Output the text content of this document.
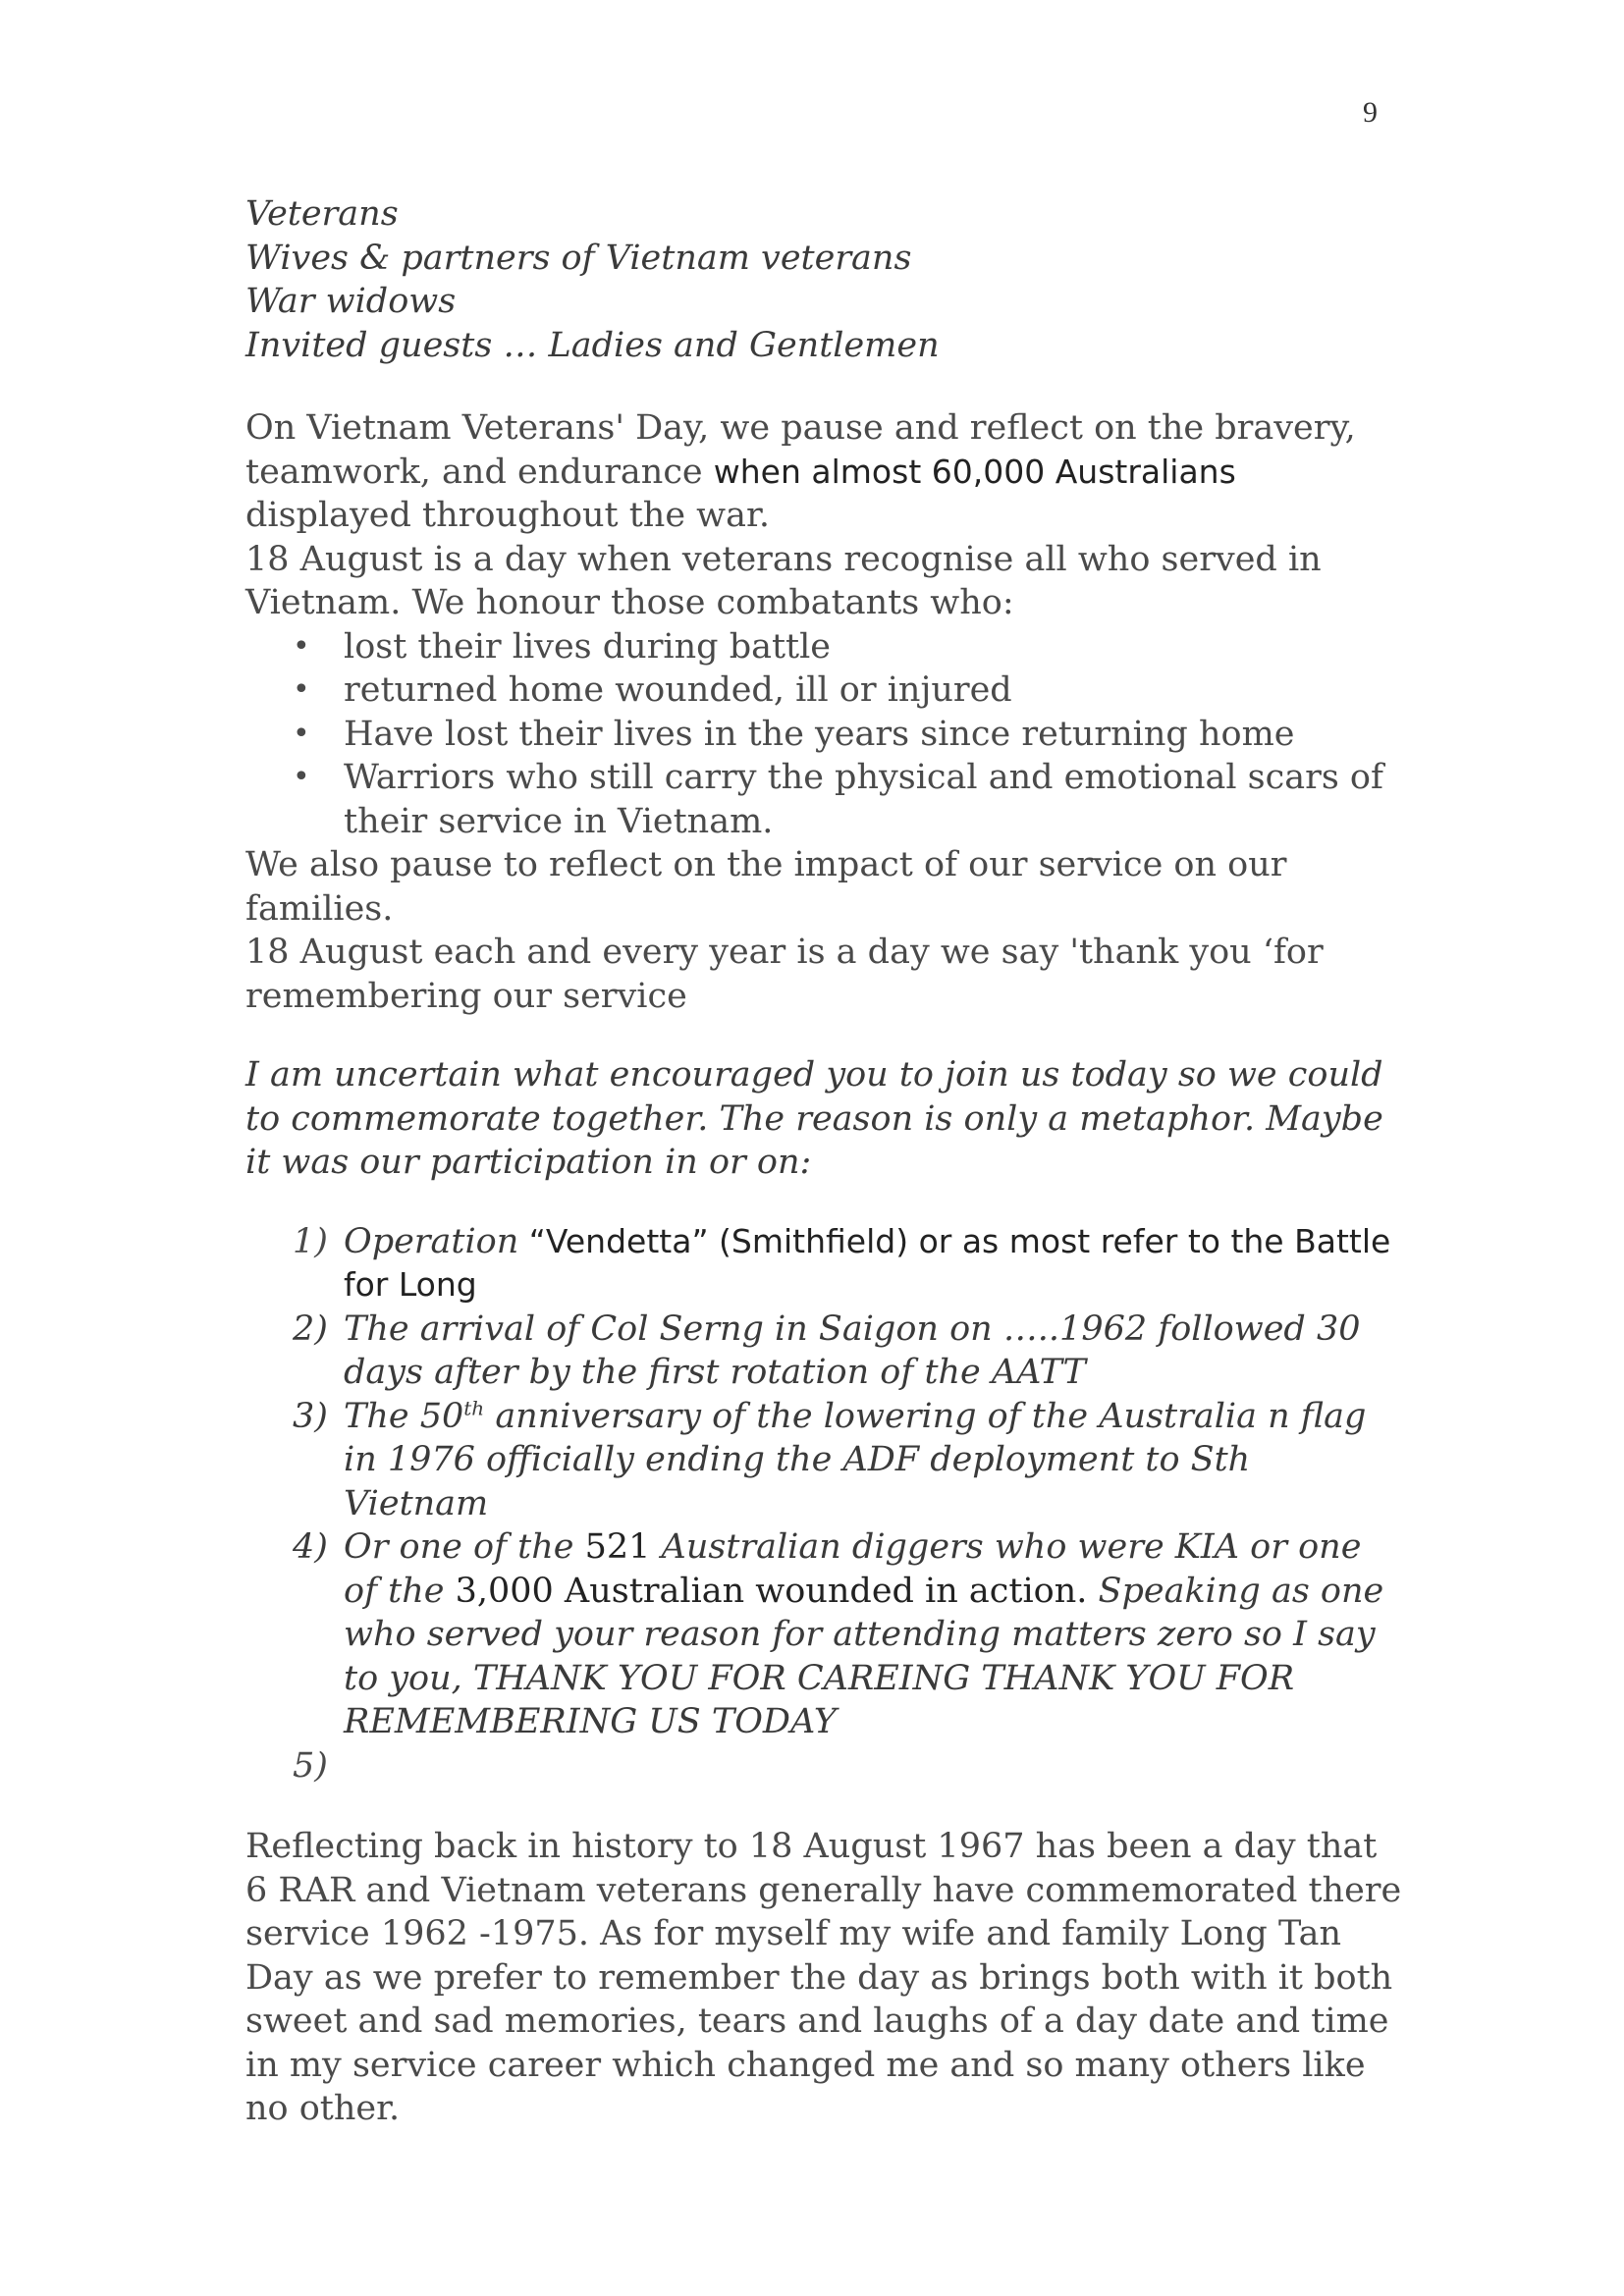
9
Veterans
Wives & partners of Vietnam veterans
War widows
Invited guests … Ladies and Gentlemen

On Vietnam Veterans' Day, we pause and reflect on the bravery, teamwork, and endurance when almost 60,000 Australians displayed throughout the war.

18 August is a day when veterans recognise all who served in Vietnam. We honour those combatants who:

• lost their lives during battle
• returned home wounded, ill or injured
• Have lost their lives in the years since returning home
• Warriors who still carry the physical and emotional scars of their service in Vietnam.

We also pause to reflect on the impact of our service on our families.

18 August each and every year is a day we say 'thank you ‘for remembering our service

I am uncertain what encouraged you to join us today so we could to commemorate together. The reason is only a metaphor. Maybe it was our participation in or on:

1) Operation “Vendetta” (Smithfield) or as most refer to the Battle for Long
2) The arrival of Col Serng in Saigon on …..1962 followed 30 days after by the first rotation of the AATT
3) The 50th anniversary of the lowering of the Australia n flag in 1976 officially ending the ADF deployment to Sth Vietnam
4) Or one of the 521 Australian diggers who were KIA or one of the 3,000 Australian wounded in action. Speaking as one who served your reason for attending matters zero so I say to you, THANK YOU FOR CAREING THANK YOU FOR REMEMBERING US TODAY
5)

Reflecting back in history to 18 August 1967 has been a day that 6 RAR and Vietnam veterans generally have commemorated there service 1962 -1975. As for myself my wife and family Long Tan Day as we prefer to remember the day as brings both with it both sweet and sad memories, tears and laughs of a day date and time in my service career which changed me and so many others like no other.
